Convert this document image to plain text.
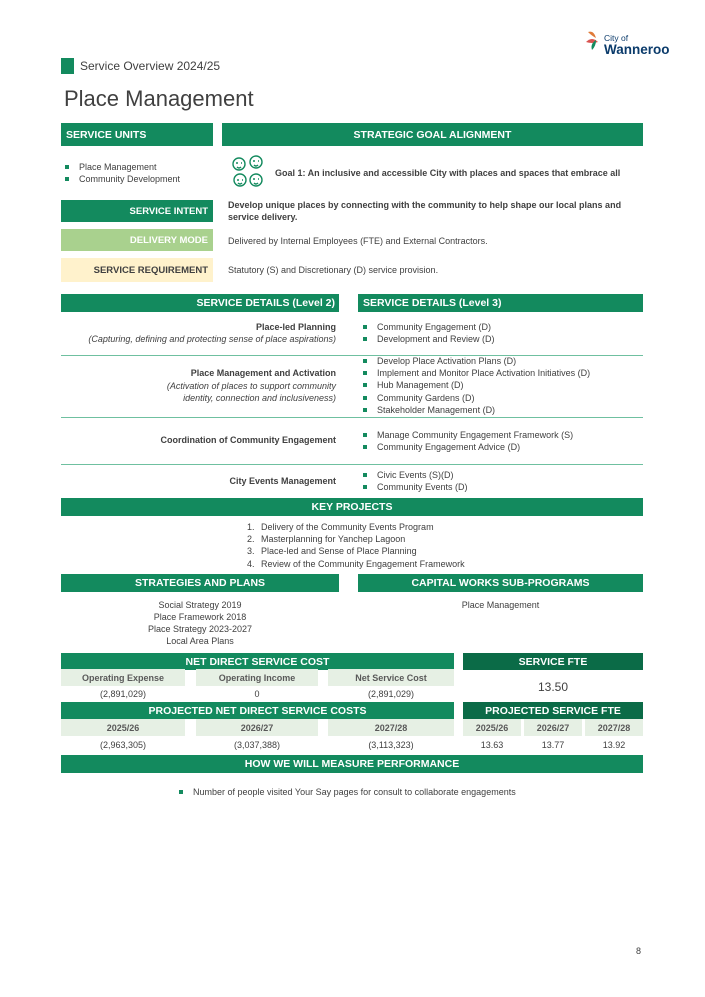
Service Overview 2024/25
City of
Wanneroo
Place Management
SERVICE UNITS	STRATEGIC GOAL ALIGNMENT
Place Management
Community Development
Goal 1: An inclusive and accessible City with places and spaces that embrace all
SERVICE INTENT
Develop unique places by connecting with the community to help shape our local plans and service delivery.
DELIVERY MODE Delivered by Internal Employees (FTE) and External Contractors.
SERVICE REQUIREMENT Statutory (S) and Discretionary (D) service provision.
SERVICE DETAILS (Level 2)	SERVICE DETAILS (Level 3)
Place-led Planning
(Capturing, defining and protecting sense of place aspirations)
Community Engagement (D)
Development and Review (D)
Place Management and Activation
(Activation of places to support community identity, connection and inclusiveness)
Develop Place Activation Plans (D)
Implement and Monitor Place Activation Initiatives (D)
Hub Management (D)
Community Gardens (D)
Stakeholder Management (D)
Coordination of Community Engagement	Manage Community Engagement Framework (S)
Community Engagement Advice (D)
City Events Management
Civic Events (S)(D)
Community Events (D)
KEY PROJECTS
1. Delivery of the Community Events Program
2. Masterplanning for Yanchep Lagoon
3. Place-led and Sense of Place Planning
4. Review of the Community Engagement Framework
STRATEGIES AND PLANS	CAPITAL WORKS SUB-PROGRAMS
Social Strategy 2019
Place Framework 2018
Place Strategy 2023-2027
Local Area Plans
Place Management
NET DIRECT SERVICE COST
Operating Expense	Operating Income	Net Service Cost
(2,891,029)	0	(2,891,029)
SERVICE FTE
13.50
PROJECTED NET DIRECT SERVICE COSTS
2025/26	2026/27	2027/28
(2,963,305)	(3,037,388)	(3,113,323)
PROJECTED SERVICE FTE
2025/26	2026/27	2027/28
13.63	13.77	13.92
HOW WE WILL MEASURE PERFORMANCE
Number of people visited Your Say pages for consult to collaborate engagements
8
